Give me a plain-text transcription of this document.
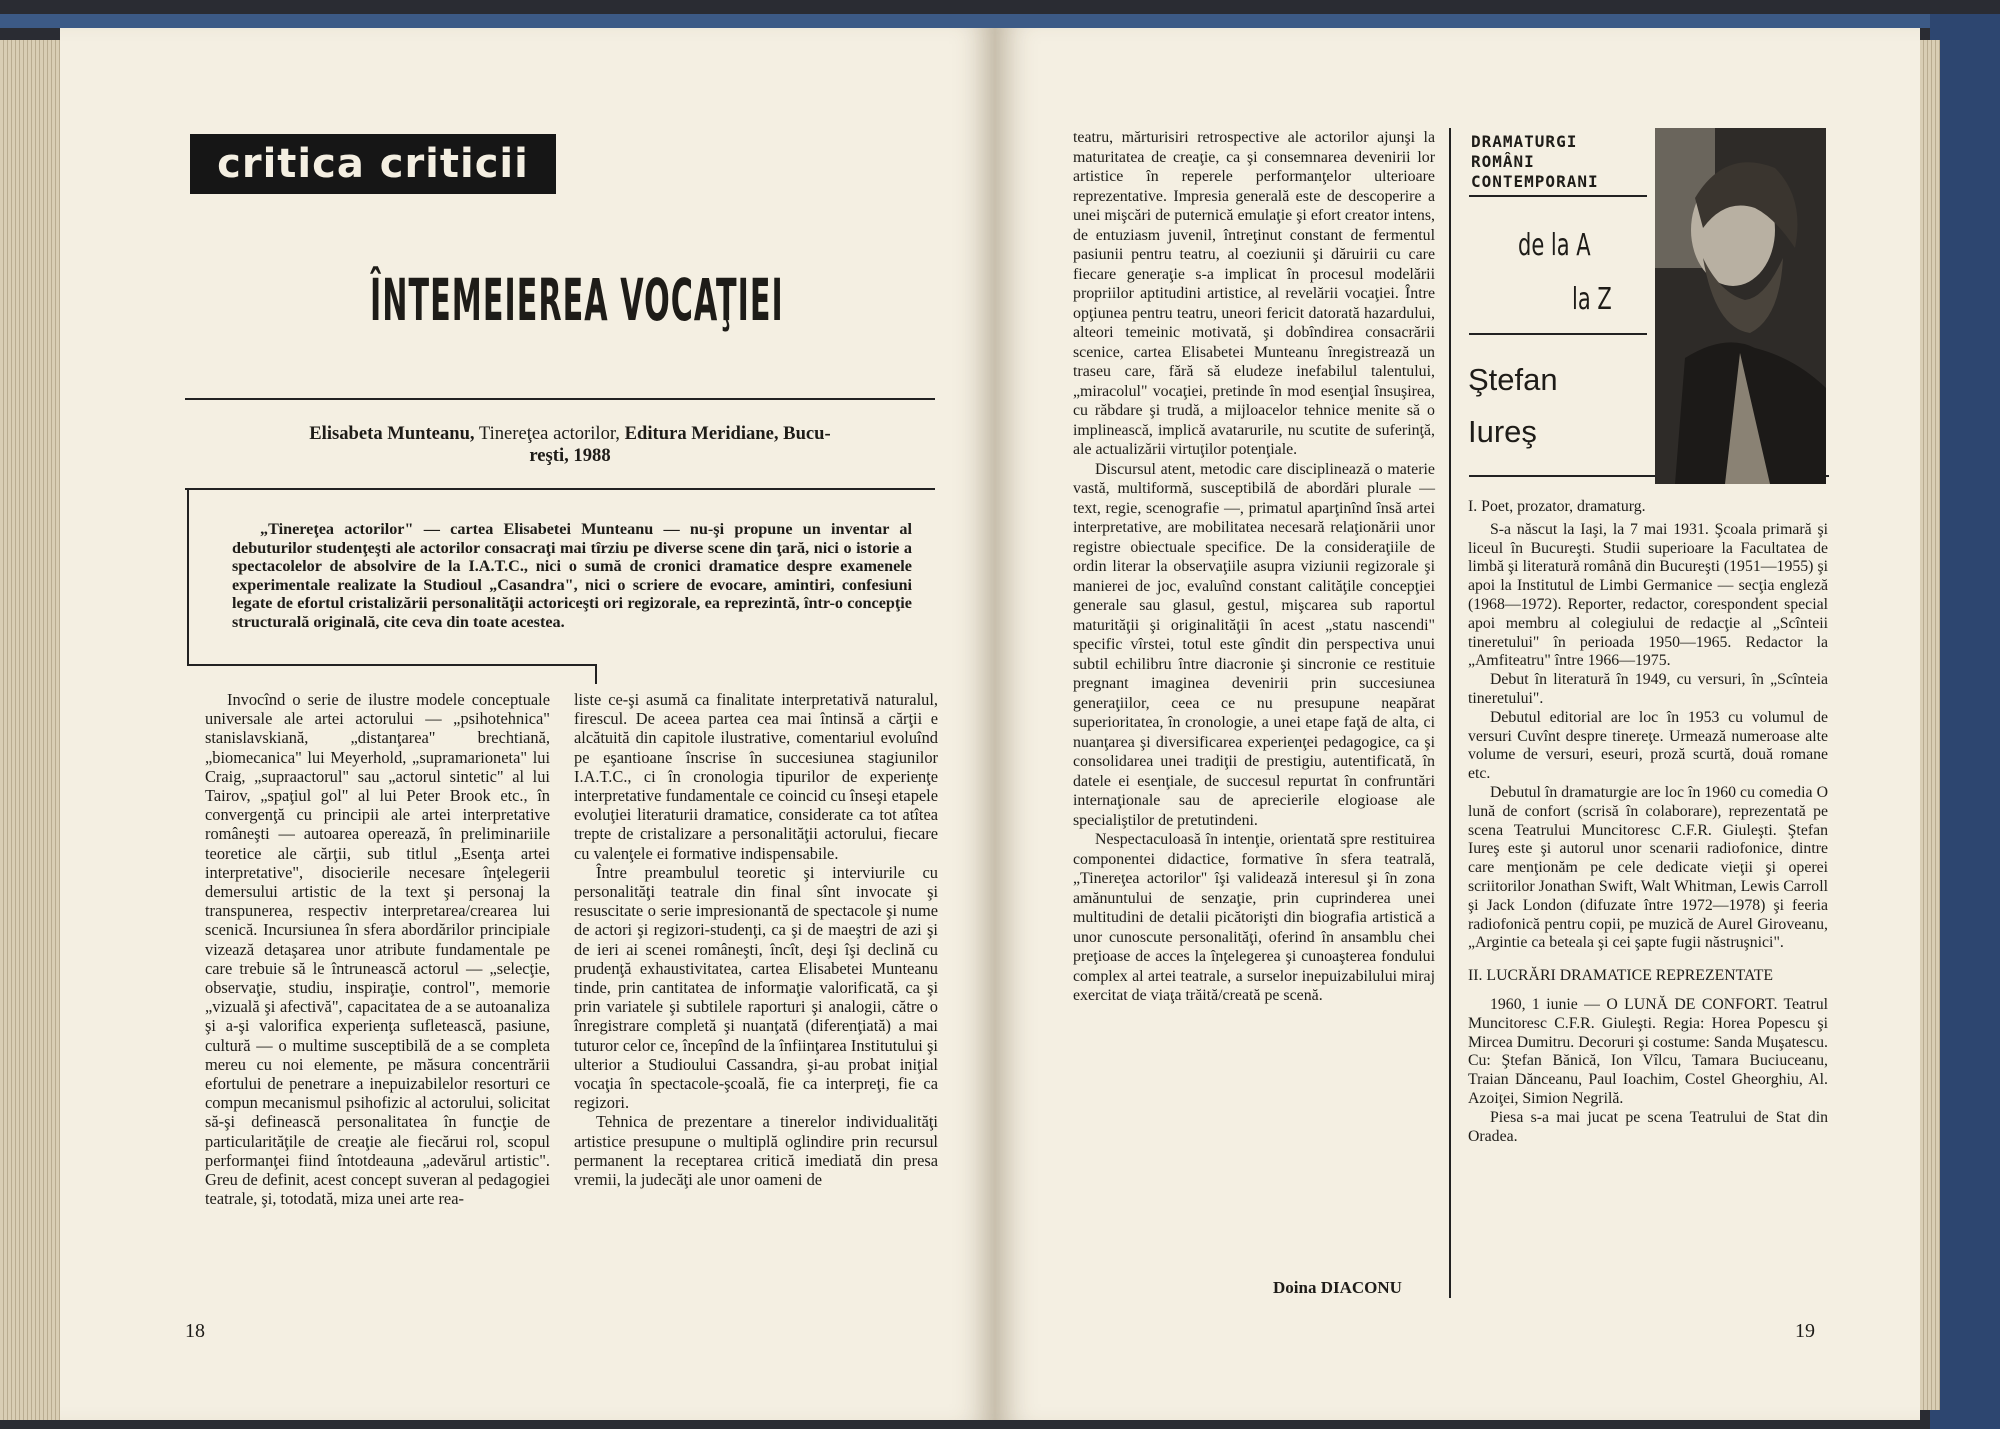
critica criticii
ÎNTEMEIEREA VOCAŢIEI
Elisabeta Munteanu, Tinereţea actorilor, Editura Meridiane, Bucu-
reşti, 1988
„Tinereţea actorilor" — cartea Elisabetei Munteanu — nu-şi propune un inventar al debuturilor studenţeşti ale actorilor consacraţi mai tîrziu pe diverse scene din ţară, nici o istorie a spectacolelor de absolvire de la I.A.T.C., nici o sumă de cronici dramatice despre examenele experimentale realizate la Studioul „Casandra", nici o scriere de evocare, amintiri, confesiuni legate de efortul cristalizării personalităţii actoriceşti ori regizorale, ea reprezintă, într-o concepţie structurală originală, cite ceva din toate acestea.

Invocînd o serie de ilustre modele conceptuale universale ale artei actorului — „psihotehnica" stanislavskiană, „distanţarea" brechtiană, „biomecanica" lui Meyerhold, „supramarioneta" lui Craig, „supraactorul" sau „actorul sintetic" al lui Tairov, „spaţiul gol" al lui Peter Brook etc., în convergenţă cu principii ale artei interpretative româneşti — autoarea operează, în preliminariile teoretice ale cărţii, sub titlul „Esenţa artei interpretative", disocierile necesare înţelegerii demersului artistic de la text şi personaj la transpunerea, respectiv interpretarea/crearea lui scenică. Incursiunea în sfera abordărilor principiale vizează detaşarea unor atribute fundamentale pe care trebuie să le întrunească actorul — „selecţie, observaţie, studiu, inspiraţie, control", memorie „vizuală şi afectivă", capacitatea de a se autoanaliza şi a-şi valorifica experienţa sufletească, pasiune, cultură — o multime susceptibilă de a se completa mereu cu noi elemente, pe măsura concentrării efortului de penetrare a inepuizabilelor resorturi ce compun mecanismul psihofizic al actorului, solicitat să-şi definească personalitatea în funcţie de particularităţile de creaţie ale fiecărui rol, scopul performanţei fiind întotdeauna „adevărul artistic". Greu de definit, acest concept suveran al pedagogiei teatrale, şi, totodată, miza unei arte rea-

liste ce-şi asumă ca finalitate interpretativă naturalul, firescul. De aceea partea cea mai întinsă a cărţii e alcătuită din capitole ilustrative, comentariul evoluînd pe eşantioane înscrise în succesiunea stagiunilor I.A.T.C., ci în cronologia tipurilor de experienţe interpretative fundamentale ce coincid cu înseşi etapele evoluţiei literaturii dramatice, considerate ca tot atîtea trepte de cristalizare a personalităţii actorului, fiecare cu valenţele ei formative indispensabile.

Între preambulul teoretic şi interviurile cu personalităţi teatrale din final sînt invocate şi resuscitate o serie impresionantă de spectacole şi nume de actori şi regizori-studenţi, ca şi de maeştri de azi şi de ieri ai scenei româneşti, încît, deşi îşi declină cu prudenţă exhaustivitatea, cartea Elisabetei Munteanu tinde, prin cantitatea de informaţie valorificată, ca şi prin variatele şi subtilele raporturi şi analogii, către o înregistrare completă şi nuanţată (diferenţiată) a mai tuturor celor ce, începînd de la înfiinţarea Institutului şi ulterior a Studioului Cassandra, şi-au probat iniţial vocaţia în spectacole-şcoală, fie ca interpreţi, fie ca regizori.

Tehnica de prezentare a tinerelor individualităţi artistice presupune o multiplă oglindire prin recursul permanent la receptarea critică imediată din presa vremii, la judecăţi ale unor oameni de

18

teatru, mărturisiri retrospective ale actorilor ajunşi la maturitatea de creaţie, ca şi consemnarea devenirii lor artistice în reperele performanţelor ulterioare reprezentative. Impresia generală este de descoperire a unei mişcări de puternică emulaţie şi efort creator intens, de entuziasm juvenil, întreţinut constant de fermentul pasiunii pentru teatru, al coeziunii şi dăruirii cu care fiecare generaţie s-a implicat în procesul modelării propriilor aptitudini artistice, al revelării vocaţiei. Între opţiunea pentru teatru, uneori fericit datorată hazardului, alteori temeinic motivată, şi dobîndirea consacrării scenice, cartea Elisabetei Munteanu înregistrează un traseu care, fără să eludeze inefabilul talentului, „miracolul" vocaţiei, pretinde în mod esenţial însuşirea, cu răbdare şi trudă, a mijloacelor tehnice menite să o implinească, implică avatarurile, nu scutite de suferinţă, ale actualizării virtuţilor potenţiale.

Discursul atent, metodic care disciplinează o materie vastă, multiformă, susceptibilă de abordări plurale — text, regie, scenografie —, primatul aparţinînd însă artei interpretative, are mobilitatea necesară relaţionării unor registre obiectuale specifice. De la consideraţiile de ordin literar la observaţiile asupra viziunii regizorale şi manierei de joc, evaluînd constant calităţile concepţiei generale sau glasul, gestul, mişcarea sub raportul maturităţii şi originalităţii în acest „statu nascendi" specific vîrstei, totul este gîndit din perspectiva unui subtil echilibru între diacronie şi sincronie ce restituie pregnant imaginea devenirii prin succesiunea generaţiilor, ceea ce nu presupune neapărat superioritatea, în cronologie, a unei etape faţă de alta, ci nuanţarea şi diversificarea experienţei pedagogice, ca şi consolidarea unei tradiţii de prestigiu, autentificată, în datele ei esenţiale, de succesul repurtat în confruntări internaţionale sau de aprecierile elogioase ale specialiştilor de pretutindeni.

Nespectaculoasă în intenţie, orientată spre restituirea componentei didactice, formative în sfera teatrală, „Tinereţea actorilor" îşi validează interesul şi în zona amănuntului de senzaţie, prin cuprinderea unei multitudini de detalii picătorişti din biografia artistică a unor cunoscute personalităţi, oferind în ansamblu chei preţioase de acces la înţelegerea şi cunoaşterea fondului complex al artei teatrale, a surselor inepuizabilului miraj exercitat de viaţa trăită/creată pe scenă.

Doina DIACONU
DRAMATURGI
ROMÂNI
CONTEMPORANI
de la A
la Z
Ştefan
Iureş

I. Poet, prozator, dramaturg.

S-a născut la Iaşi, la 7 mai 1931. Şcoala primară şi liceul în Bucureşti. Studii superioare la Facultatea de limbă şi literatură română din Bucureşti (1951—1955) şi apoi la Institutul de Limbi Germanice — secţia engleză (1968—1972). Reporter, redactor, corespondent special apoi membru al colegiului de redacţie al „Scînteii tineretului" în perioada 1950—1965. Redactor la „Amfiteatru" între 1966—1975.

Debut în literatură în 1949, cu versuri, în „Scînteia tineretului".

Debutul editorial are loc în 1953 cu volumul de versuri Cuvînt despre tinereţe. Urmează numeroase alte volume de versuri, eseuri, proză scurtă, două romane etc.

Debutul în dramaturgie are loc în 1960 cu comedia O lună de confort (scrisă în colaborare), reprezentată pe scena Teatrului Muncitoresc C.F.R. Giuleşti. Ştefan Iureş este şi autorul unor scenarii radiofonice, dintre care menţionăm pe cele dedicate vieţii şi operei scriitorilor Jonathan Swift, Walt Whitman, Lewis Carroll şi Jack London (difuzate între 1972—1978) şi feeria radiofonică pentru copii, pe muzică de Aurel Giroveanu, „Argintie ca beteala şi cei şapte fugii năstruşnici".

II. LUCRĂRI DRAMATICE REPREZENTATE

1960, 1 iunie — O LUNĂ DE CONFORT. Teatrul Muncitoresc C.F.R. Giuleşti. Regia: Horea Popescu şi Mircea Dumitru. Decoruri şi costume: Sanda Muşatescu. Cu: Ştefan Bănică, Ion Vîlcu, Tamara Buciuceanu, Traian Dănceanu, Paul Ioachim, Costel Gheorghiu, Al. Azoiţei, Simion Negrilă.

Piesa s-a mai jucat pe scena Teatrului de Stat din Oradea.

19
